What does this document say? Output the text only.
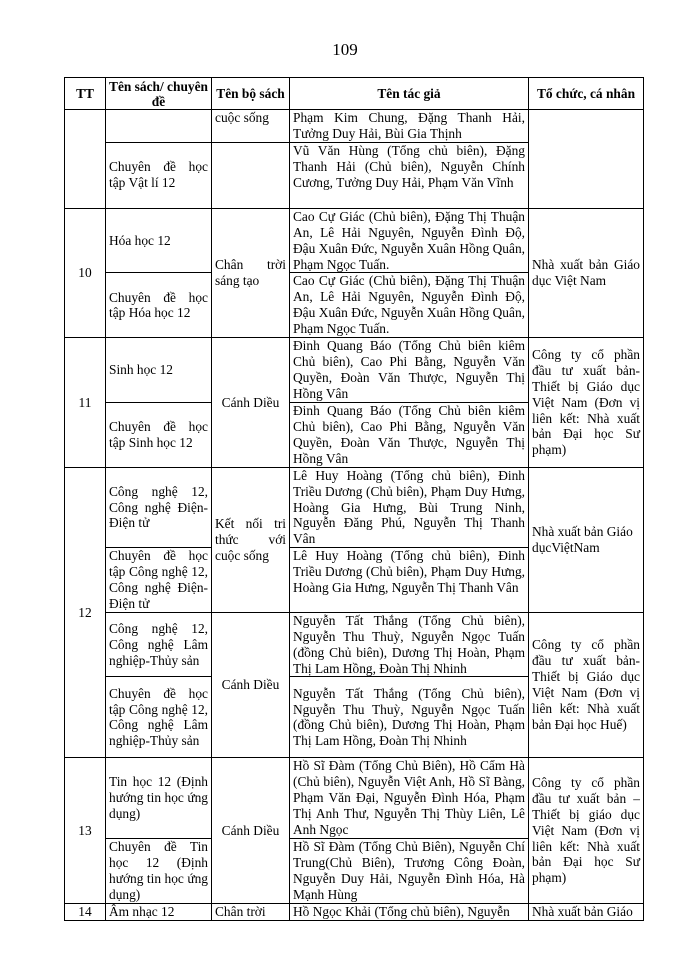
109
TT	Tên sách/ chuyên đề	Tên bộ sách	Tên tác giả	Tổ chức, cá nhân
		cuộc sống	Phạm Kim Chung, Đặng Thanh Hải, Tưởng Duy Hải, Bùi Gia Thịnh	
	Chuyên đề học tập Vật lí 12		Vũ Văn Hùng (Tổng chủ biên), Đặng Thanh Hải (Chủ biên), Nguyễn Chính Cương, Tưởng Duy Hải, Phạm Văn Vĩnh	
10	Hóa học 12	Chân trời sáng tạo	Cao Cự Giác (Chủ biên), Đặng Thị Thuận An, Lê Hải Nguyên, Nguyễn Đình Độ, Đậu Xuân Đức, Nguyễn Xuân Hồng Quân, Phạm Ngọc Tuấn.	Nhà xuất bản Giáo dục Việt Nam
	Chuyên đề học tập Hóa học 12		Cao Cự Giác (Chủ biên), Đặng Thị Thuận An, Lê Hải Nguyên, Nguyễn Đình Độ, Đậu Xuân Đức, Nguyễn Xuân Hồng Quân, Phạm Ngọc Tuấn.	
11	Sinh học 12	Cánh Diều	Đinh Quang Báo (Tổng Chủ biên kiêm Chủ biên), Cao Phi Bằng, Nguyễn Văn Quyền, Đoàn Văn Thược, Nguyễn Thị Hồng Vân	Công ty cổ phần đầu tư xuất bản- Thiết bị Giáo dục Việt Nam (Đơn vị liên kết: Nhà xuất bản Đại học Sư phạm)
	Chuyên đề học tập Sinh học 12		Đinh Quang Báo (Tổng Chủ biên kiêm Chủ biên), Cao Phi Bằng, Nguyễn Văn Quyền, Đoàn Văn Thược, Nguyễn Thị Hồng Vân	
12	Công nghệ 12, Công nghệ Điện-Điện tử	Kết nối tri thức với cuộc sống	Lê Huy Hoàng (Tổng chủ biên), Đinh Triều Dương (Chủ biên), Phạm Duy Hưng, Hoàng Gia Hưng, Bùi Trung Ninh, Nguyễn Đăng Phú, Nguyễn Thị Thanh Vân	Nhà xuất bản Giáo dụcViệtNam
	Chuyên đề học tập Công nghệ 12, Công nghệ Điện-Điện tử		Lê Huy Hoàng (Tổng chủ biên), Đinh Triều Dương (Chủ biên), Phạm Duy Hưng, Hoàng Gia Hưng, Nguyễn Thị Thanh Vân	
	Công nghệ 12, Công nghệ Lâm nghiệp-Thủy sản	Cánh Diều	Nguyễn Tất Thắng (Tổng Chủ biên), Nguyễn Thu Thuỳ, Nguyễn Ngọc Tuấn (đồng Chủ biên), Dương Thị Hoàn, Phạm Thị Lam Hồng, Đoàn Thị Nhinh	Công ty cổ phần đầu tư xuất bản- Thiết bị Giáo dục Việt Nam (Đơn vị liên kết: Nhà xuất bản Đại học Huế)
	Chuyên đề học tập Công nghệ 12, Công nghệ Lâm nghiệp-Thủy sản		Nguyễn Tất Thắng (Tổng Chủ biên), Nguyễn Thu Thuỳ, Nguyễn Ngọc Tuấn (đồng Chủ biên), Dương Thị Hoàn, Phạm Thị Lam Hồng, Đoàn Thị Nhinh	
13	Tin học 12 (Định hướng tin học ứng dụng)	Cánh Diều	Hồ Sĩ Đàm (Tổng Chủ Biên), Hồ Cẩm Hà (Chủ biên), Nguyễn Việt Anh, Hồ Sĩ Bàng, Phạm Văn Đại, Nguyễn Đình Hóa, Phạm Thị Anh Thư, Nguyễn Thị Thùy Liên, Lê Anh Ngọc	Công ty cổ phần đầu tư xuất bản – Thiết bị giáo dục Việt Nam (Đơn vị liên kết: Nhà xuất bản Đại học Sư phạm)
	Chuyên đề Tin học 12 (Định hướng tin học ứng dụng)		Hồ Sĩ Đàm (Tổng Chủ Biên), Nguyễn Chí Trung(Chủ Biên), Trương Công Đoàn, Nguyễn Duy Hải, Nguyễn Đình Hóa, Hà Mạnh Hùng	
14	Âm nhạc 12	Chân trời	Hồ Ngọc Khải (Tổng chủ biên), Nguyễn	Nhà xuất bản Giáo
